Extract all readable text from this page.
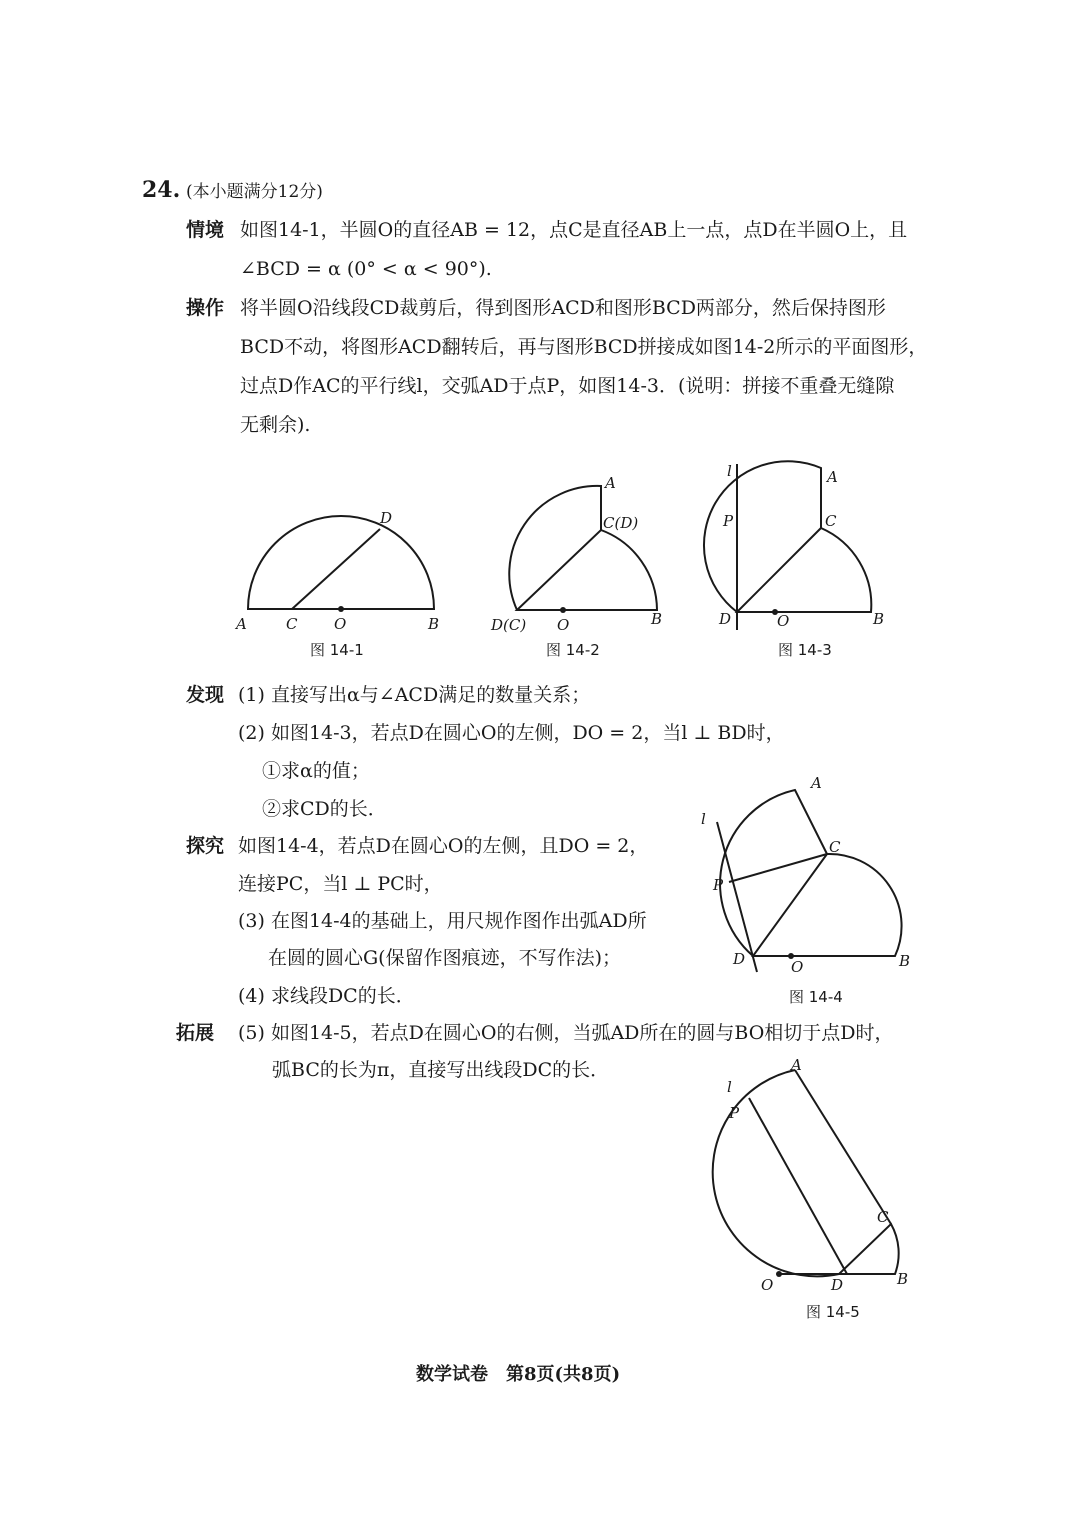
24. (本小题满分12分)
情境 如图14-1，半圆O的直径AB = 12，点C是直径AB上一点，点D在半圆O上，且
∠BCD = α (0° < α < 90°).
操作 将半圆O沿线段CD裁剪后，得到图形ACD和图形BCD两部分，然后保持图形
BCD不动，将图形ACD翻转后，再与图形BCD拼接成如图14-2所示的平面图形，
过点D作AC的平行线l，交弧AD于点P，如图14-3．(说明：拼接不重叠无缝隙
无剩余).
D
A	C O	B
图 14-1
A
C(D)
D(C) O	B
图 14-2
l	A
P	C
D	O	B
图 14-3
发现 (1) 直接写出α与∠ACD满足的数量关系；
(2) 如图14-3，若点D在圆心O的左侧，DO = 2，当l ⊥ BD时，
①求α的值；
②求CD的长．
探究 如图14-4，若点D在圆心O的左侧，且DO = 2，
连接PC，当l ⊥ PC时，
(3) 在图14-4的基础上，用尺规作图作出弧AD所
在圆的圆心G(保留作图痕迹，不写作法)；
(4) 求线段DC的长．
l
A
C
P
D	O	B
图 14-4
拓展 (5) 如图14-5，若点D在圆心O的右侧，当弧AD所在的圆与BO相切于点D时，
弧BC的长为π，直接写出线段DC的长．
l
A
P
C
O	D	B
图 14-5
数学试卷　第8页(共8页)
